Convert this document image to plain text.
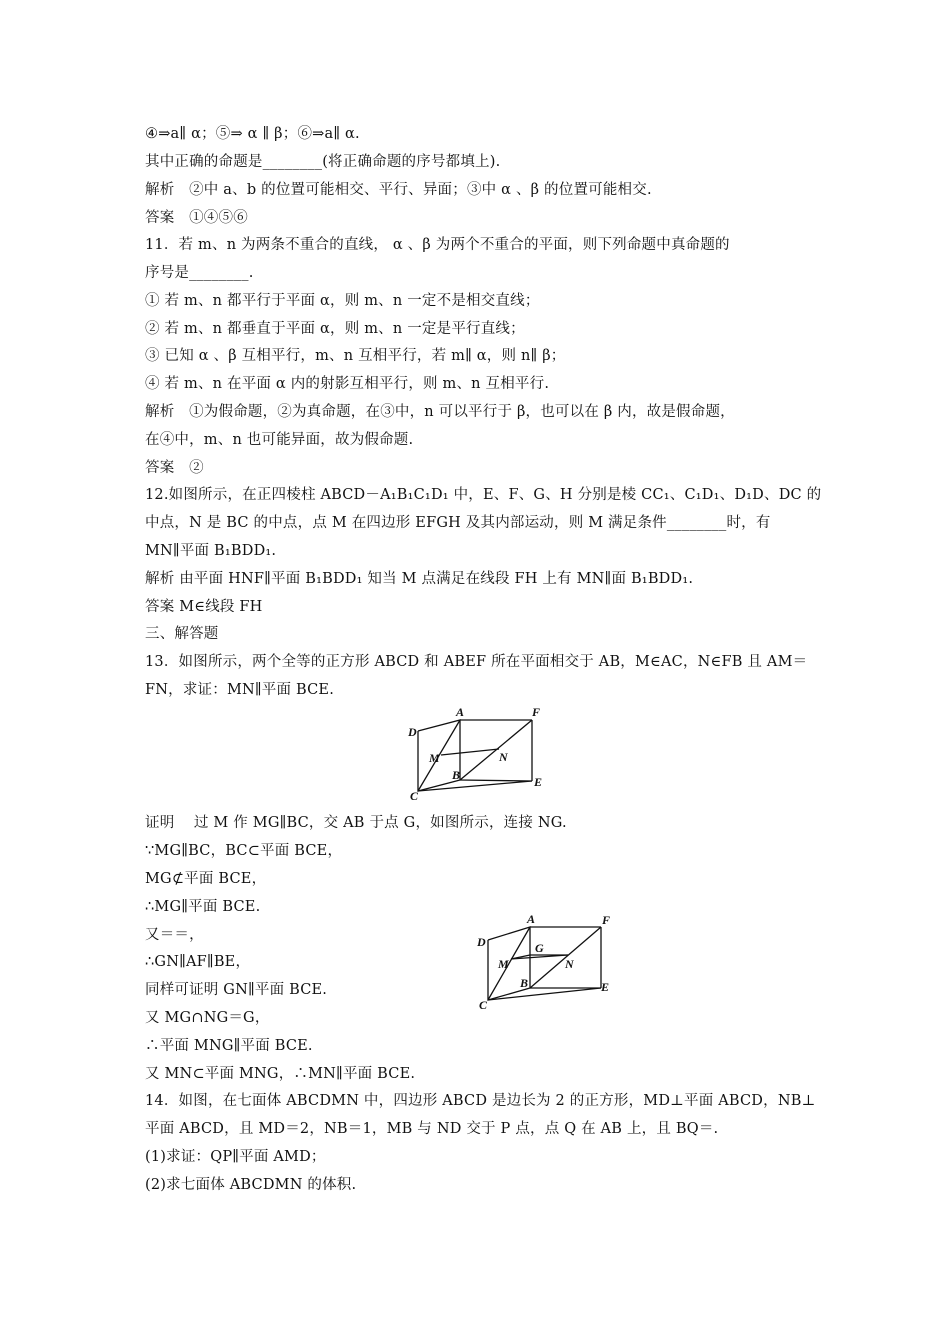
④⇒a∥ α；⑤⇒ α ∥ β；⑥⇒a∥ α.
其中正确的命题是________(将正确命题的序号都填上).
解析　②中 a、b 的位置可能相交、平行、异面；③中 α 、β 的位置可能相交.
答案　①④⑤⑥
11．若 m、n 为两条不重合的直线， α 、β 为两个不重合的平面，则下列命题中真命题的
序号是________.
① 若 m、n 都平行于平面 α，则 m、n 一定不是相交直线；
② 若 m、n 都垂直于平面 α，则 m、n 一定是平行直线；
③ 已知 α 、β 互相平行，m、n 互相平行，若 m∥ α，则 n∥ β；
④ 若 m、n 在平面 α 内的射影互相平行，则 m、n 互相平行.
解析　①为假命题，②为真命题，在③中，n 可以平行于 β，也可以在 β 内，故是假命题，
在④中，m、n 也可能异面，故为假命题.
答案　②
12.如图所示，在正四棱柱 ABCD－A₁B₁C₁D₁ 中，E、F、G、H 分别是棱 CC₁、C₁D₁、D₁D、DC 的
中点，N 是 BC 的中点，点 M 在四边形 EFGH 及其内部运动，则 M 满足条件________时，有
MN∥平面 B₁BDD₁.
解析 由平面 HNF∥平面 B₁BDD₁ 知当 M 点满足在线段 FH 上有 MN∥面 B₁BDD₁.
答案 M∈线段 FH
三、解答题
13．如图所示，两个全等的正方形 ABCD 和 ABEF 所在平面相交于 AB，M∈AC，N∈FB 且 AM＝
FN，求证：MN∥平面 BCE.
A	F
D
M	N
B	E
C
证明　 过 M 作 MG∥BC，交 AB 于点 G，如图所示，连接 NG.
∵MG∥BC，BC⊂平面 BCE，
MG⊄平面 BCE，
∴MG∥平面 BCE.
又＝＝，
∴GN∥AF∥BE，
同样可证明 GN∥平面 BCE.
又 MG∩NG＝G，
∴平面 MNG∥平面 BCE.
又 MN⊂平面 MNG，∴MN∥平面 BCE.
14．如图，在七面体 ABCDMN 中，四边形 ABCD 是边长为 2 的正方形，MD⊥平面 ABCD，NB⊥
平面 ABCD，且 MD＝2，NB＝1，MB 与 ND 交于 P 点，点 Q 在 AB 上，且 BQ＝.
(1)求证：QP∥平面 AMD；
(2)求七面体 ABCDMN 的体积.
A	F
D	G
M	N
B	E
C
